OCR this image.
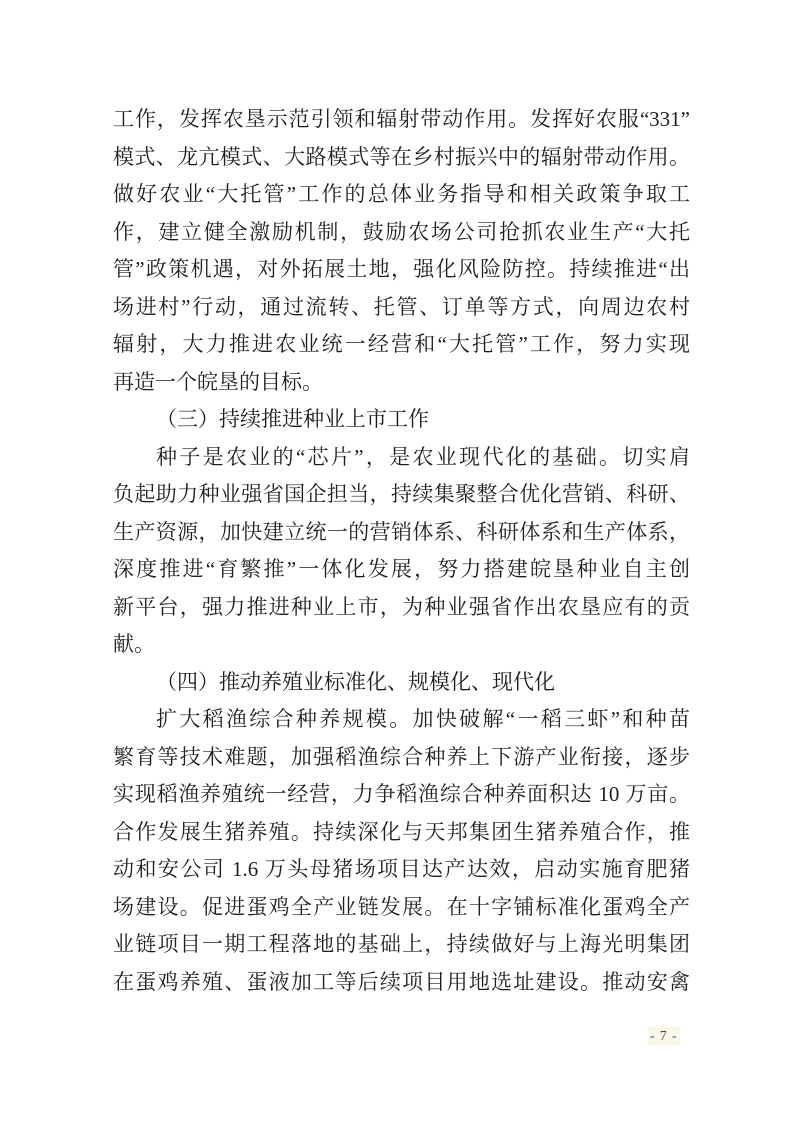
工作，发挥农垦示范引领和辐射带动作用。发挥好农服“331”
模式、龙亢模式、大路模式等在乡村振兴中的辐射带动作用。
做好农业“大托管”工作的总体业务指导和相关政策争取工
作，建立健全激励机制，鼓励农场公司抢抓农业生产“大托
管”政策机遇，对外拓展土地，强化风险防控。持续推进“出
场进村”行动，通过流转、托管、订单等方式，向周边农村
辐射，大力推进农业统一经营和“大托管”工作，努力实现
再造一个皖垦的目标。
（三）持续推进种业上市工作
种子是农业的“芯片”，是农业现代化的基础。切实肩
负起助力种业强省国企担当，持续集聚整合优化营销、科研、
生产资源，加快建立统一的营销体系、科研体系和生产体系，
深度推进“育繁推”一体化发展，努力搭建皖垦种业自主创
新平台，强力推进种业上市，为种业强省作出农垦应有的贡
献。
（四）推动养殖业标准化、规模化、现代化
扩大稻渔综合种养规模。加快破解“一稻三虾”和种苗
繁育等技术难题，加强稻渔综合种养上下游产业衔接，逐步
实现稻渔养殖统一经营，力争稻渔综合种养面积达 10 万亩。
合作发展生猪养殖。持续深化与天邦集团生猪养殖合作，推
动和安公司 1.6 万头母猪场项目达产达效，启动实施育肥猪
场建设。促进蛋鸡全产业链发展。在十字铺标准化蛋鸡全产
业链项目一期工程落地的基础上，持续做好与上海光明集团
在蛋鸡养殖、蛋液加工等后续项目用地选址建设。推动安禽
- 7 -
